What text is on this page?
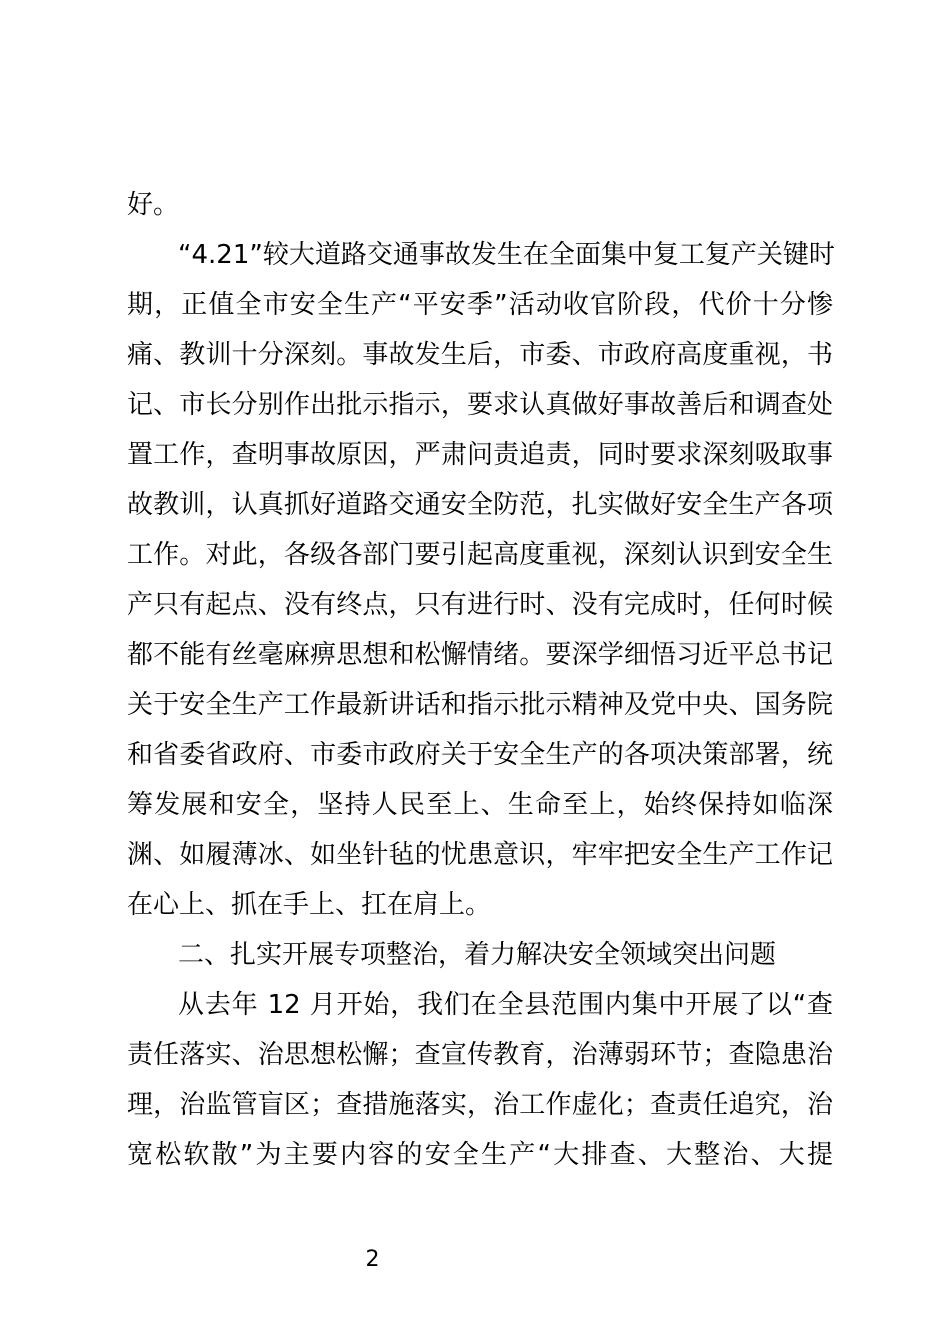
好。
“4.21”较大道路交通事故发生在全面集中复工复产关键时
期，正值全市安全生产“平安季”活动收官阶段，代价十分惨
痛、教训十分深刻。事故发生后，市委、市政府高度重视，书
记、市长分别作出批示指示，要求认真做好事故善后和调查处
置工作，查明事故原因，严肃问责追责，同时要求深刻吸取事
故教训，认真抓好道路交通安全防范，扎实做好安全生产各项
工作。对此，各级各部门要引起高度重视，深刻认识到安全生
产只有起点、没有终点，只有进行时、没有完成时，任何时候
都不能有丝毫麻痹思想和松懈情绪。要深学细悟习近平总书记
关于安全生产工作最新讲话和指示批示精神及党中央、国务院
和省委省政府、市委市政府关于安全生产的各项决策部署，统
筹发展和安全，坚持人民至上、生命至上，始终保持如临深
渊、如履薄冰、如坐针毡的忧患意识，牢牢把安全生产工作记
在心上、抓在手上、扛在肩上。
二、扎实开展专项整治，着力解决安全领域突出问题
从去年 12 月开始，我们在全县范围内集中开展了以“查
责任落实、治思想松懈；查宣传教育，治薄弱环节；查隐患治
理，治监管盲区；查措施落实，治工作虚化；查责任追究，治
宽松软散”为主要内容的安全生产“大排查、大整治、大提
2
